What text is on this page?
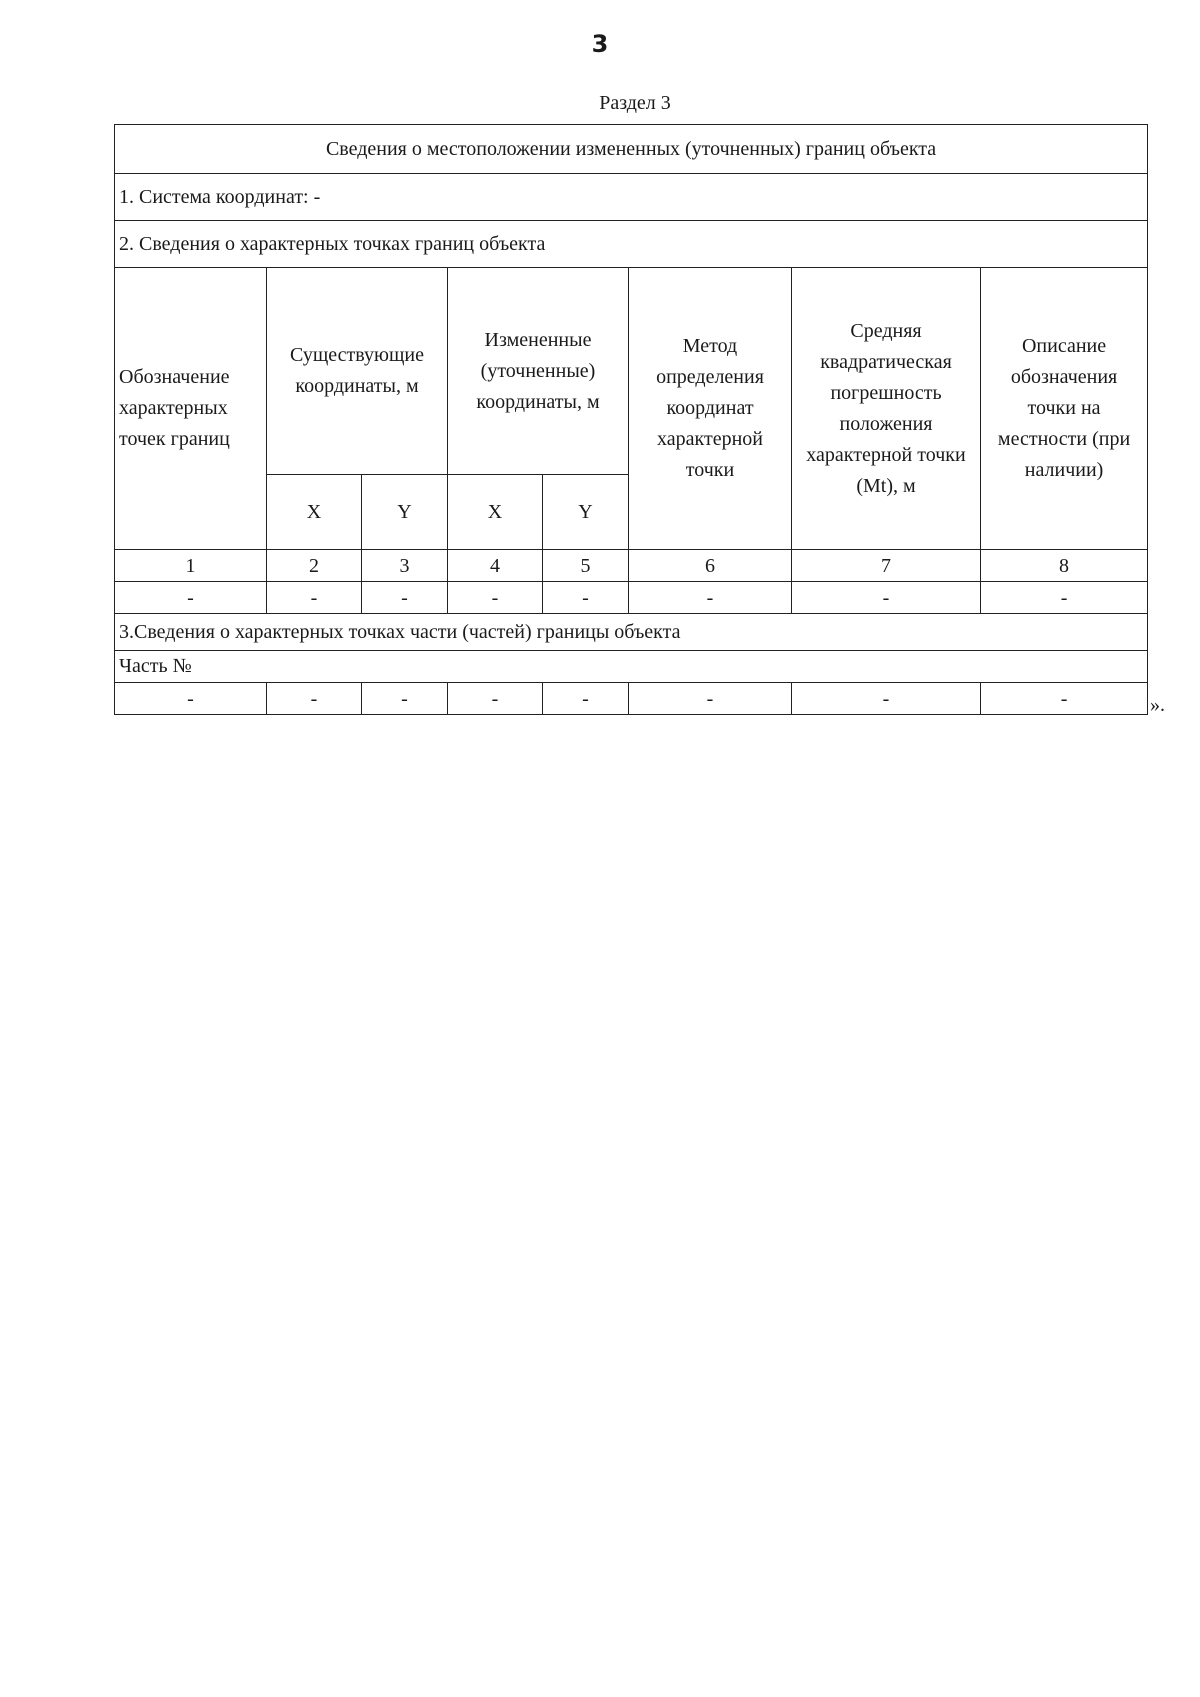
3
Раздел 3
Сведения о местоположении измененных (уточненных) границ объекта							
1. Система координат: -							
2. Сведения о характерных точках границ объекта							
Обозначение характерных точек границ	Существующие координаты, м		Измененные (уточненные) координаты, м		Метод определения координат характерной точки	Средняя квадратическая погрешность положения характерной точки (Mt), м	Описание обозначения точки на местности (при наличии)
	X	Y	X	Y			
1	2	3	4	5	6	7	8
-	-	-	-	-	-	-	-
3.Сведения о характерных точках части (частей) границы объекта							
Часть №							
-	-	-	-	-	-	-	-	».
